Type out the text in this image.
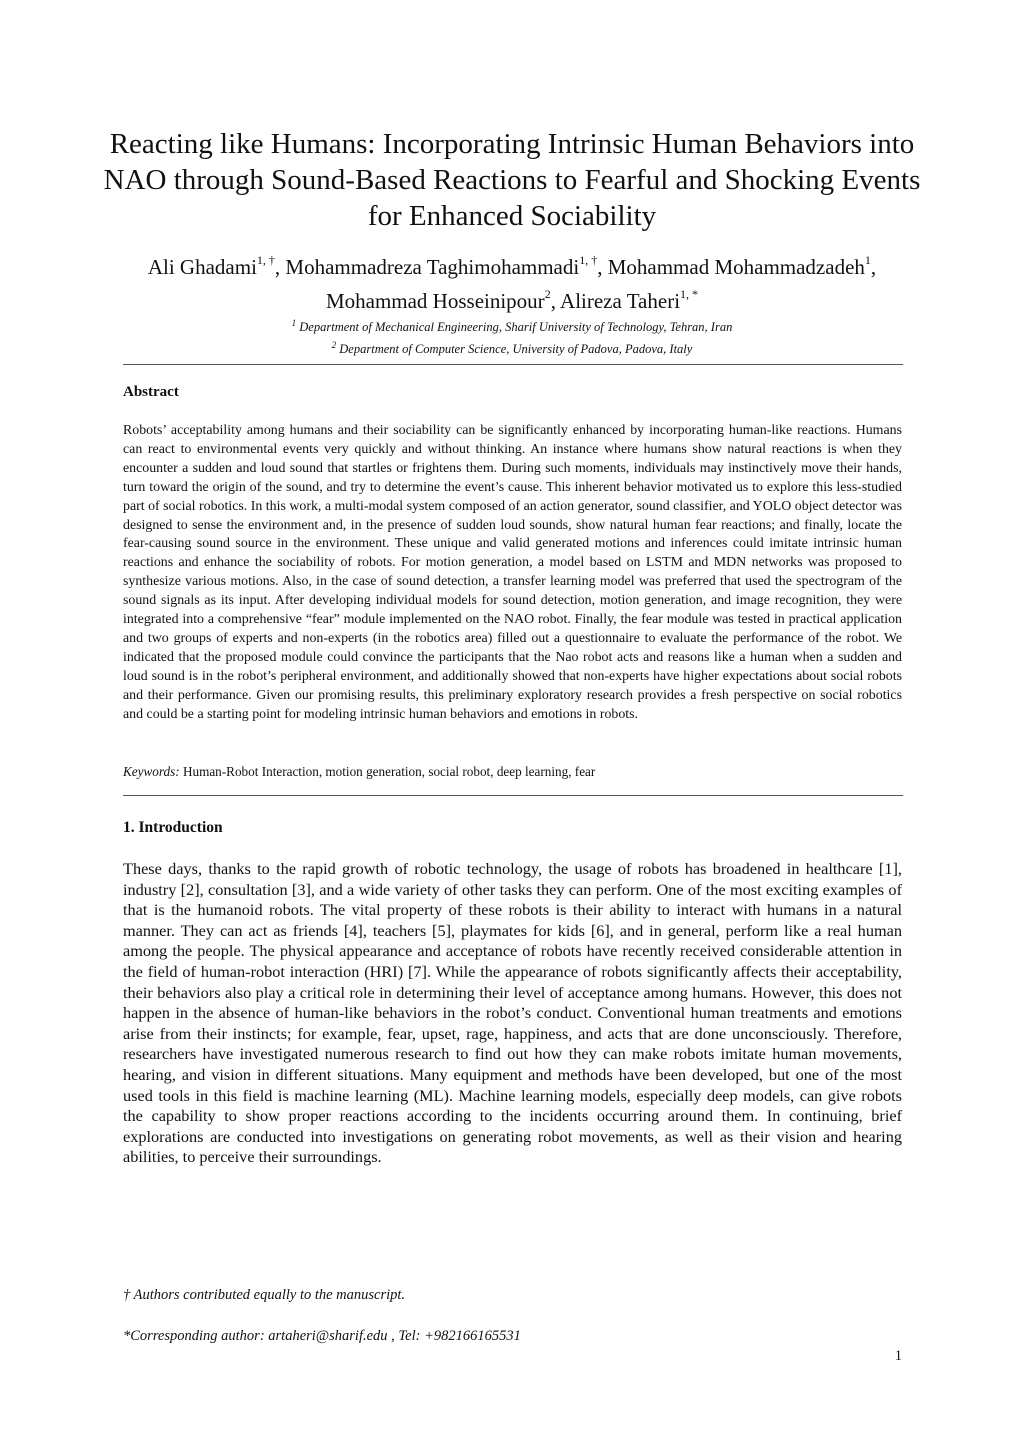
Reacting like Humans: Incorporating Intrinsic Human Behaviors into NAO through Sound-Based Reactions to Fearful and Shocking Events for Enhanced Sociability
Ali Ghadami$^{1, \dagger}$, Mohammadreza Taghimohammadi$^{1, \dagger}$, Mohammad Mohammadzadeh$^1$, Mohammad Hosseinipour$^2$, Alireza Taheri$^{1, *}$
$^1$ Department of Mechanical Engineering, Sharif University of Technology, Tehran, Iran
$^2$ Department of Computer Science, University of Padova, Padova, Italy
Abstract

Robots’ acceptability among humans and their sociability can be significantly enhanced by incorporating human-like reactions. Humans can react to environmental events very quickly and without thinking. An instance where humans show natural reactions is when they encounter a sudden and loud sound that startles or frightens them. During such moments, individuals may instinctively move their hands, turn toward the origin of the sound, and try to determine the event’s cause. This inherent behavior motivated us to explore this less-studied part of social robotics. In this work, a multi-modal system composed of an action generator, sound classifier, and YOLO object detector was designed to sense the environment and, in the presence of sudden loud sounds, show natural human fear reactions; and finally, locate the fear-causing sound source in the environment. These unique and valid generated motions and inferences could imitate intrinsic human reactions and enhance the sociability of robots. For motion generation, a model based on LSTM and MDN networks was proposed to synthesize various motions. Also, in the case of sound detection, a transfer learning model was preferred that used the spectrogram of the sound signals as its input. After developing individual models for sound detection, motion generation, and image recognition, they were integrated into a comprehensive “fear” module implemented on the NAO robot. Finally, the fear module was tested in practical application and two groups of experts and non-experts (in the robotics area) filled out a questionnaire to evaluate the performance of the robot. We indicated that the proposed module could convince the participants that the Nao robot acts and reasons like a human when a sudden and loud sound is in the robot’s peripheral environment, and additionally showed that non-experts have higher expectations about social robots and their performance. Given our promising results, this preliminary exploratory research provides a fresh perspective on social robotics and could be a starting point for modeling intrinsic human behaviors and emotions in robots.

Keywords: Human-Robot Interaction, motion generation, social robot, deep learning, fear
1. Introduction

These days, thanks to the rapid growth of robotic technology, the usage of robots has broadened in healthcare [1], industry [2], consultation [3], and a wide variety of other tasks they can perform. One of the most exciting examples of that is the humanoid robots. The vital property of these robots is their ability to interact with humans in a natural manner. They can act as friends [4], teachers [5], playmates for kids [6], and in general, perform like a real human among the people. The physical appearance and acceptance of robots have recently received considerable attention in the field of human-robot interaction (HRI) [7]. While the appearance of robots significantly affects their acceptability, their behaviors also play a critical role in determining their level of acceptance among humans. However, this does not happen in the absence of human-like behaviors in the robot’s conduct. Conventional human treatments and emotions arise from their instincts; for example, fear, upset, rage, happiness, and acts that are done unconsciously. Therefore, researchers have investigated numerous research to find out how they can make robots imitate human movements, hearing, and vision in different situations. Many equipment and methods have been developed, but one of the most used tools in this field is machine learning (ML). Machine learning models, especially deep models, can give robots the capability to show proper reactions according to the incidents occurring around them. In continuing, brief explorations are conducted into investigations on generating robot movements, as well as their vision and hearing abilities, to perceive their surroundings.

† Authors contributed equally to the manuscript.
*Corresponding author: artaheri@sharif.edu , Tel: +982166165531
1
